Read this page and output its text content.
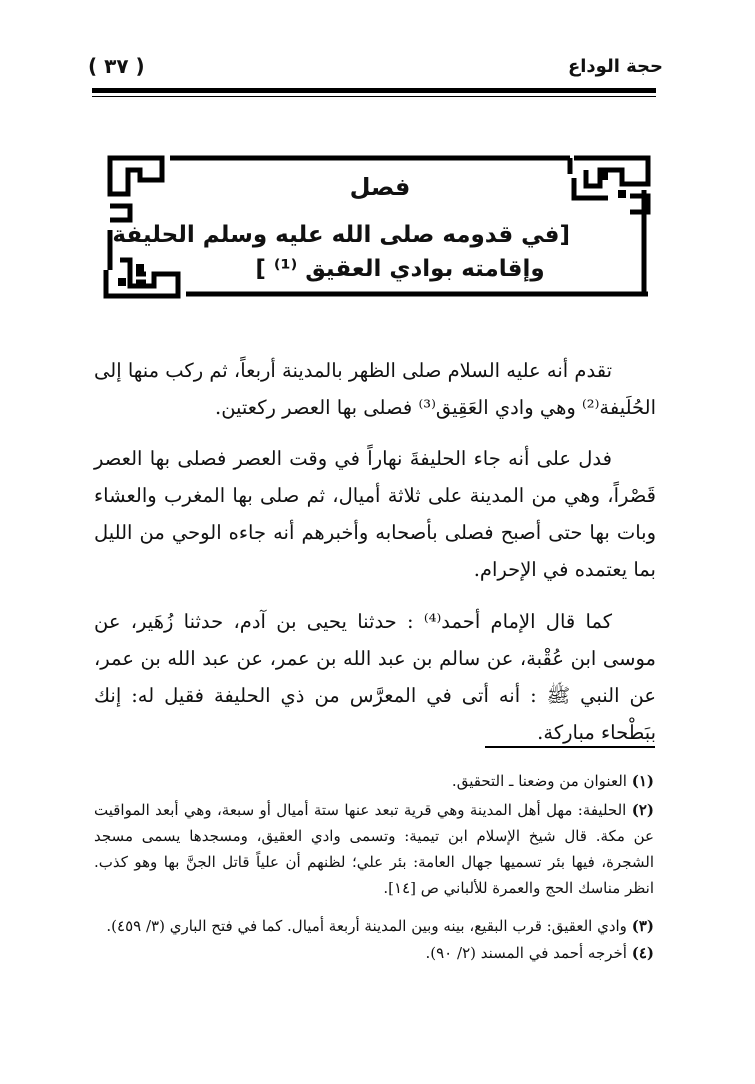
حجة الوداع
( ٣٧ )
فصل
[في قدومه صلى الله عليه وسلم الحليفة
وإقامته بوادي العقيق ⁽¹⁾ ]
تقدم أنه عليه السلام صلى الظهر بالمدينة أربعاً، ثم ركب منها إلى الحُلَيفة⁽²⁾ وهي وادي العَقِيق⁽³⁾ فصلى بها العصر ركعتين.
فدل على أنه جاء الحليفةَ نهاراً في وقت العصر فصلى بها العصر قَصْراً، وهي من المدينة على ثلاثة أميال، ثم صلى بها المغرب والعشاء وبات بها حتى أصبح فصلى بأصحابه وأخبرهم أنه جاءه الوحي من الليل بما يعتمده في الإحرام.
كما قال الإمام أحمد⁽⁴⁾ : حدثنا يحيى بن آدم، حدثنا زُهَير، عن موسى ابن عُقْبة، عن سالم بن عبد الله بن عمر، عن عبد الله بن عمر، عن النبي ﷺ : أنه أتى في المعرَّس من ذي الحليفة فقيل له: إنك ببَطْحاء مباركة.
(١) العنوان من وضعنا ـ التحقيق.
(٢) الحليفة: مهل أهل المدينة وهي قرية تبعد عنها ستة أميال أو سبعة، وهي أبعد المواقيت عن مكة. قال شيخ الإسلام ابن تيمية: وتسمى وادي العقيق، ومسجدها يسمى مسجد الشجرة، فيها بئر تسميها جهال العامة: بئر علي؛ لظنهم أن علياً قاتل الجنَّ بها وهو كذب. انظر مناسك الحج والعمرة للألباني ص [١٤].
(٣) وادي العقيق: قرب البقيع، بينه وبين المدينة أربعة أميال. كما في فتح الباري (٣/ ٤٥٩).
(٤) أخرجه أحمد في المسند (٢/ ٩٠).
